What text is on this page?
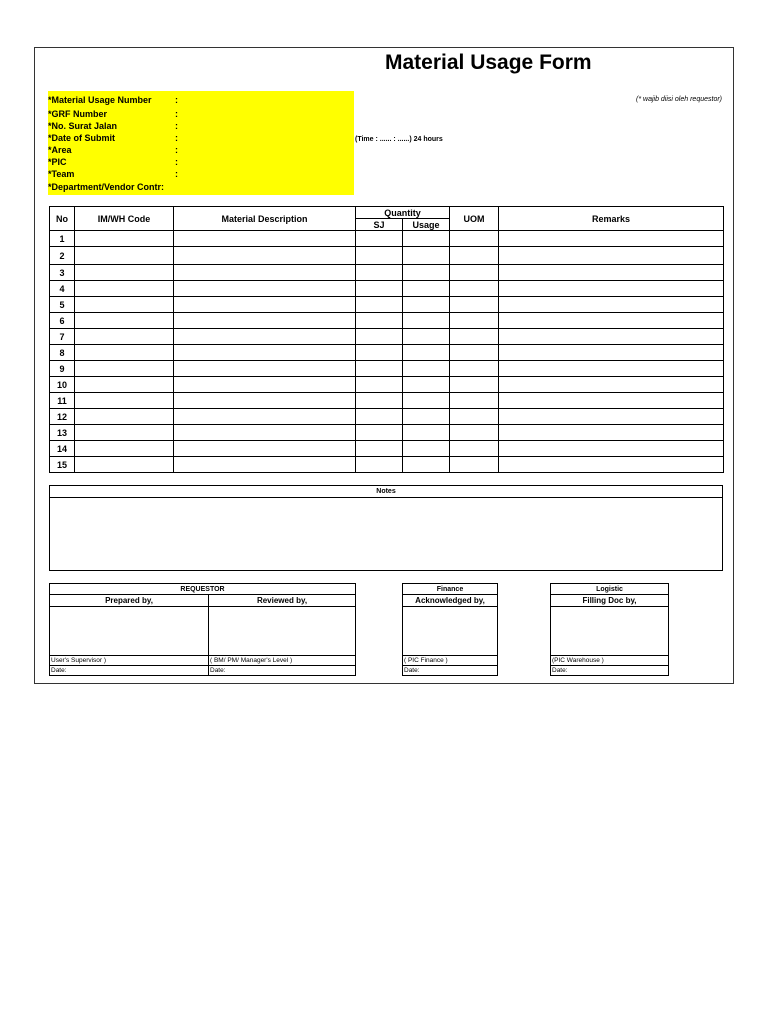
Material Usage Form
(* wajib diisi oleh requestor)
*Material Usage Number	:
*GRF Number	:
*No. Surat Jalan	:
*Date of Submit	:
*Area	:
*PIC	:
*Team	:
*Department/Vendor Contr:
(Time : ...... : ......) 24 hours
No	IM/WH Code	Material Description	Quantity		UOM	Remarks
			SJ	Usage		
1						
2						
3						
4						
5						
6						
7						
8						
9						
10						
11						
12						
13						
14						
15						
Notes
REQUESTOR	
Prepared by,	Reviewed by,

User's Supervisor )	( BM/ PM/ Manager's Level )
Date:	Date:
Finance
Acknowledged by,

( PIC Finance )
Date:
Logistic
Filling Doc by,

(PIC Warehouse )
Date:
